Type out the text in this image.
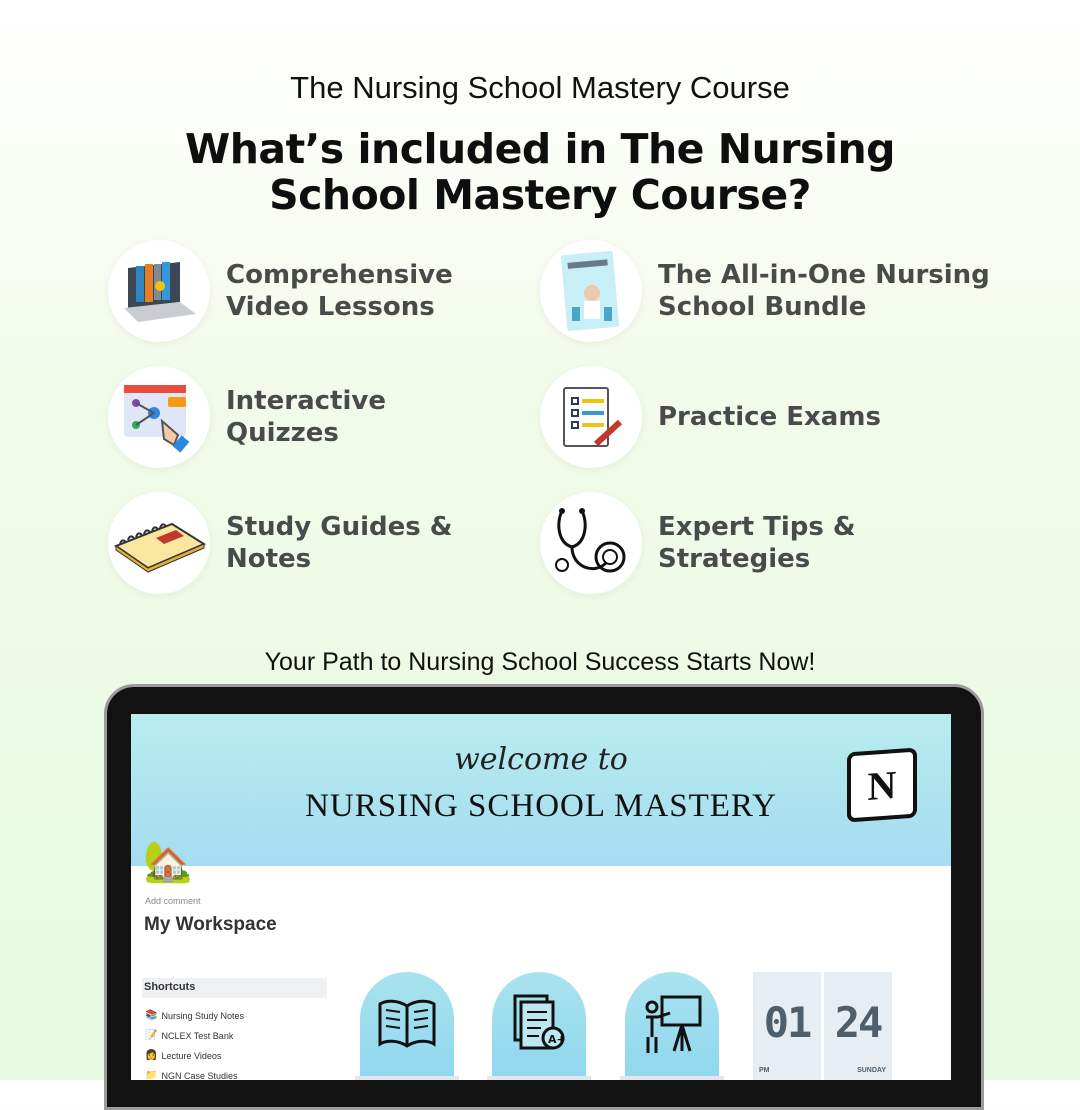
The Nursing School Mastery Course
What’s included in The Nursing School Mastery Course?
Comprehensive Video Lessons
The All-in-One Nursing School Bundle
Interactive Quizzes
Practice Exams
Study Guides & Notes
Expert Tips & Strategies
Your Path to Nursing School Success Starts Now!
welcome to
NURSING SCHOOL MASTERY	N
🏡
Add comment
My Workspace
Shortcuts
📚 Nursing Study Notes
📝 NCLEX Test Bank
👩 Lecture Videos
📁 NGN Case Studies
A+	01
PM
24
SUNDAY
